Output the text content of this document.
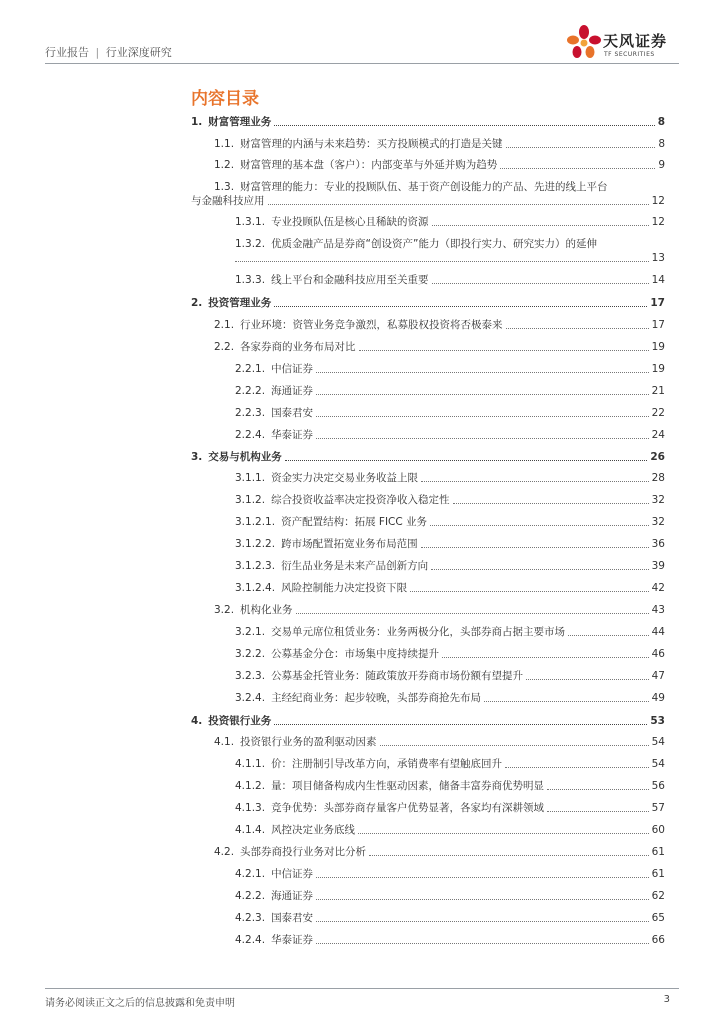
行业报告 | 行业深度研究
天风证券
TF SECURITIES
内容目录
1. 财富管理业务	8
1.1. 财富管理的内涵与未来趋势：买方投顾模式的打造是关键	8
1.2. 财富管理的基本盘（客户）：内部变革与外延并购为趋势	9
1.3. 财富管理的能力：专业的投顾队伍、基于资产创设能力的产品、先进的线上平台
与金融科技应用	12
1.3.1. 专业投顾队伍是核心且稀缺的资源	12
1.3.2. 优质金融产品是券商“创设资产”能力（即投行实力、研究实力）的延伸
13
1.3.3. 线上平台和金融科技应用至关重要	14
2. 投资管理业务	17
2.1. 行业环境：资管业务竞争激烈，私募股权投资将否极泰来	17
2.2. 各家券商的业务布局对比	19
2.2.1. 中信证券	19
2.2.2. 海通证券	21
2.2.3. 国泰君安	22
2.2.4. 华泰证券	24
3. 交易与机构业务	26
3.1.1. 资金实力决定交易业务收益上限	28
3.1.2. 综合投资收益率决定投资净收入稳定性	32
3.1.2.1. 资产配置结构：拓展 FICC 业务	32
3.1.2.2. 跨市场配置拓宽业务布局范围	36
3.1.2.3. 衍生品业务是未来产品创新方向	39
3.1.2.4. 风险控制能力决定投资下限	42
3.2. 机构化业务	43
3.2.1. 交易单元席位租赁业务：业务两极分化，头部券商占据主要市场	44
3.2.2. 公募基金分仓：市场集中度持续提升	46
3.2.3. 公募基金托管业务：随政策放开券商市场份额有望提升	47
3.2.4. 主经纪商业务：起步较晚，头部券商抢先布局	49
4. 投资银行业务	53
4.1. 投资银行业务的盈利驱动因素	54
4.1.1. 价：注册制引导改革方向，承销费率有望触底回升	54
4.1.2. 量：项目储备构成内生性驱动因素，储备丰富券商优势明显	56
4.1.3. 竞争优势：头部券商存量客户优势显著，各家均有深耕领域	57
4.1.4. 风控决定业务底线	60
4.2. 头部券商投行业务对比分析	61
4.2.1. 中信证券	61
4.2.2. 海通证券	62
4.2.3. 国泰君安	65
4.2.4. 华泰证券	66
请务必阅读正文之后的信息披露和免责申明	3
